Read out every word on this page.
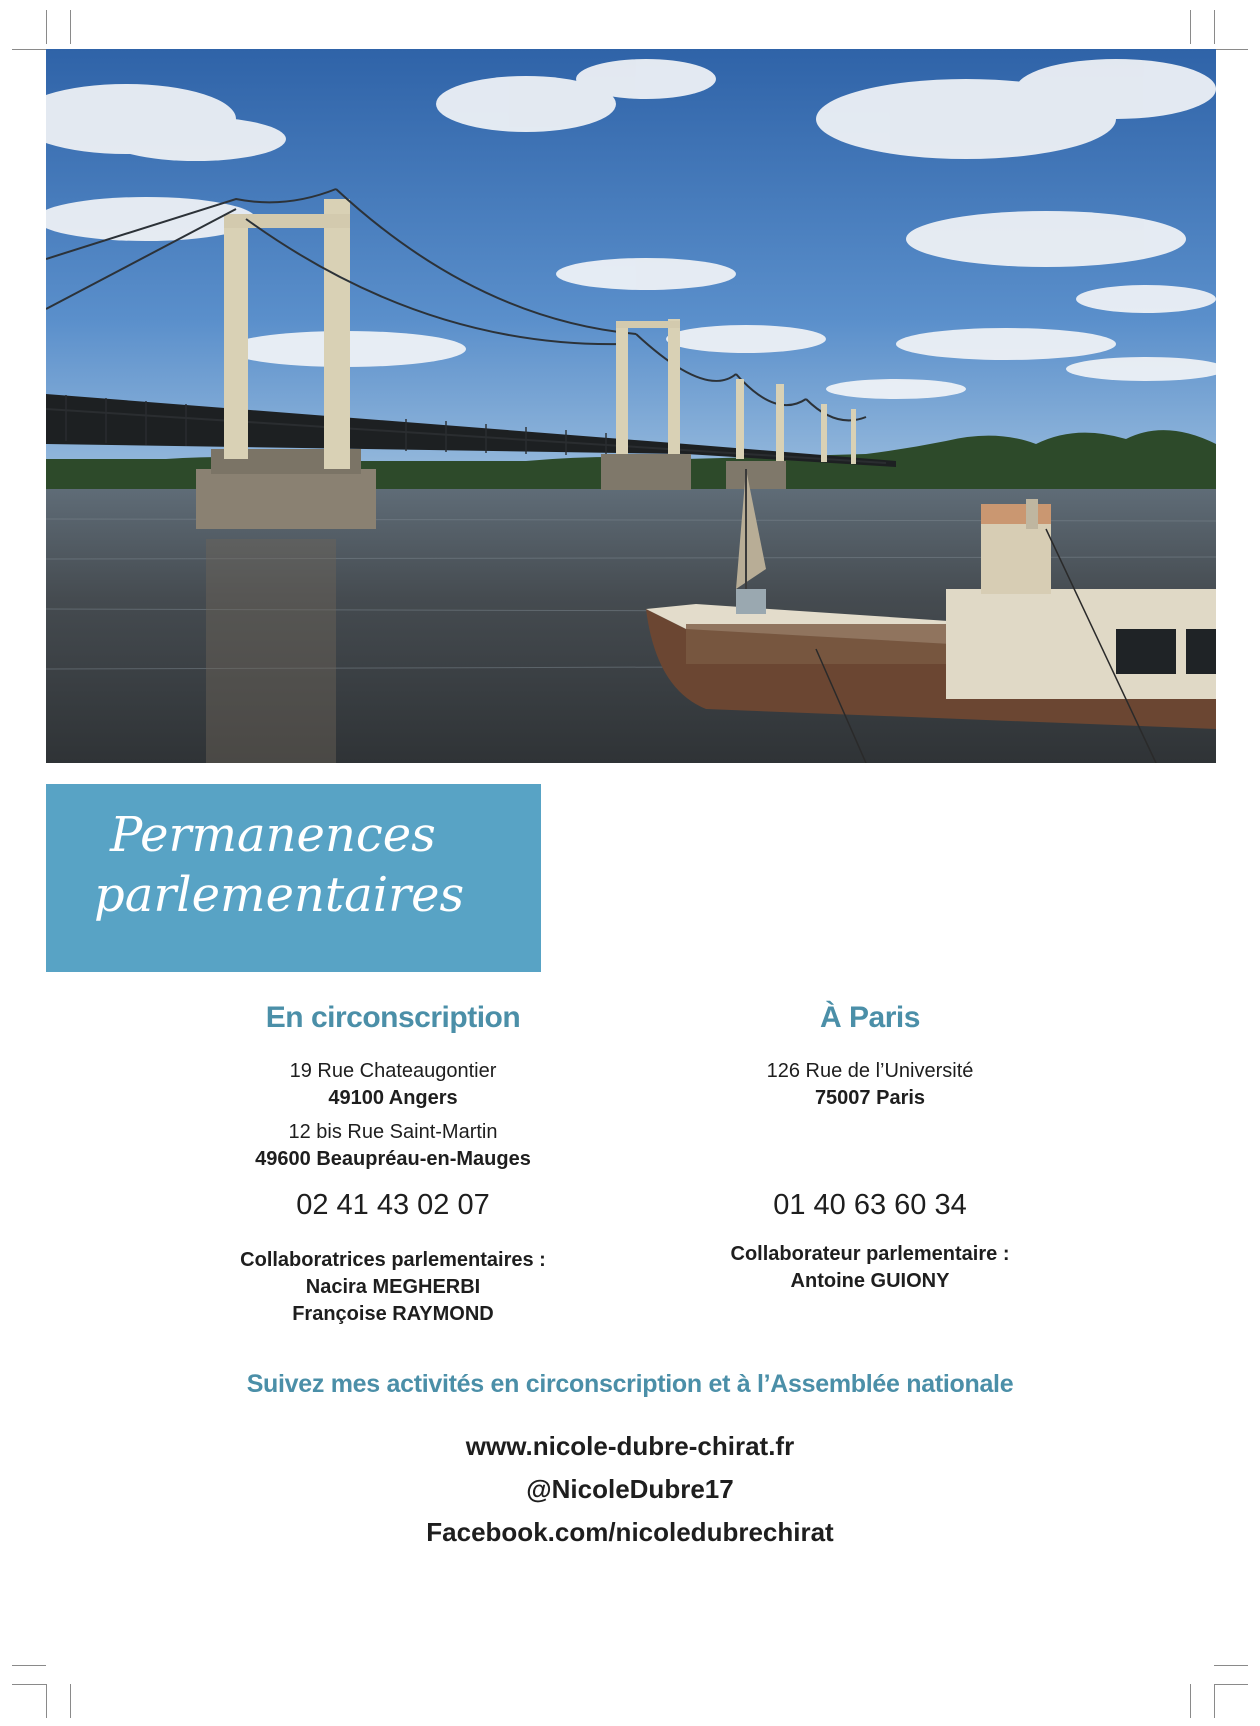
Permanences
parlementaires
En circonscription
19 Rue Chateaugontier
49100 Angers
12 bis Rue Saint-Martin
49600 Beaupréau-en-Mauges
02 41 43 02 07
Collaboratrices parlementaires :
Nacira MEGHERBI
Françoise RAYMOND
À Paris
126 Rue de l’Université
75007 Paris
01 40 63 60 34
Collaborateur parlementaire :
Antoine GUIONY
Suivez mes activités en circonscription et à l’Assemblée nationale
www.nicole-dubre-chirat.fr
@NicoleDubre17
Facebook.com/nicoledubrechirat
